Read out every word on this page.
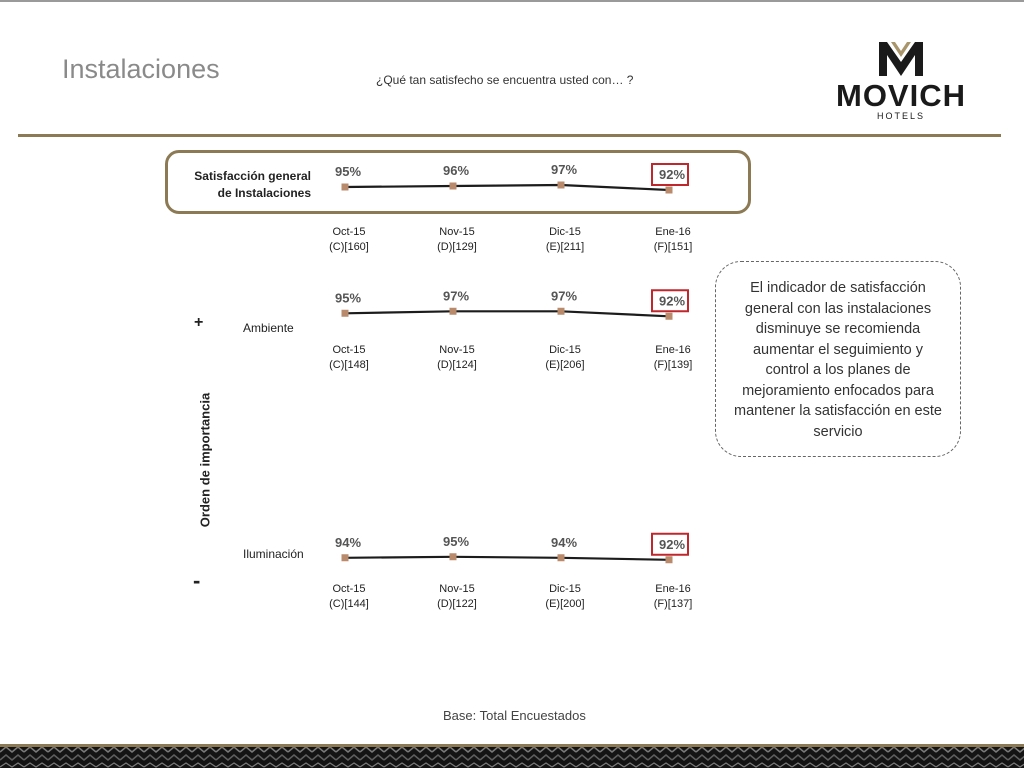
Instalaciones	¿Qué tan satisfecho se encuentra usted con… ?	MOVICH
HOTELS
Satisfacción general de Instalaciones
Ambiente
Iluminación
+
-
Orden de importancia
95%
Oct-15
(C)[160]
96%
Nov-15
(D)[129]
97%
Dic-15
(E)[211]
92%
Ene-16
(F)[151]
95%
Oct-15
(C)[148]
97%
Nov-15
(D)[124]
97%
Dic-15
(E)[206]
92%
Ene-16
(F)[139]
94%
Oct-15
(C)[144]
95%
Nov-15
(D)[122]
94%
Dic-15
(E)[200]
92%
Ene-16
(F)[137]
El indicador de satisfacción general con las instalaciones disminuye se recomienda aumentar el seguimiento y control a los planes de mejoramiento enfocados para mantener la satisfacción en este servicio
Base: Total Encuestados
